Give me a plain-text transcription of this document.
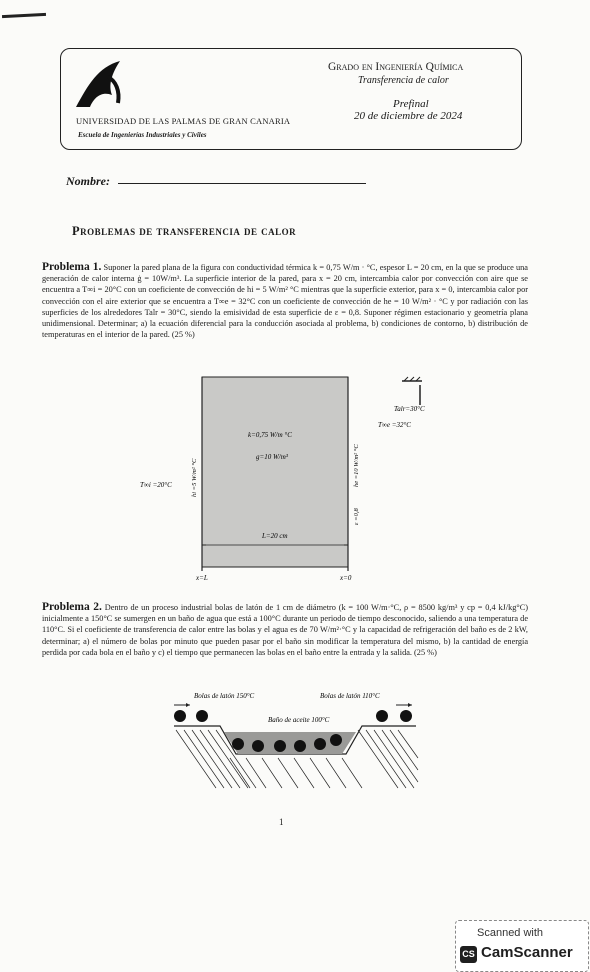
UNIVERSIDAD DE LAS PALMAS DE GRAN CANARIA
Escuela de Ingenierías Industriales y Civiles
Grado en Ingeniería Química
Transferencia de calor
Prefinal
20 de diciembre de 2024
Nombre:
Problemas de transferencia de calor
Problema 1. Suponer la pared plana de la figura con conductividad térmica k = 0,75 W/m · °C, espesor L = 20 cm, en la que se produce una generación de calor interna ġ = 10W/m³. La superficie interior de la pared, para x = 20 cm, intercambia calor por convección con aire que se encuentra a T∞i = 20°C con un coeficiente de convección de hi = 5 W/m² °C mientras que la superficie exterior, para x = 0, intercambia calor por convección con el aire exterior que se encuentra a T∞e = 32°C con un coeficiente de convección de he = 10 W/m² · °C y por radiación con las superficies de los alrededores Talr = 30°C, siendo la emisividad de esta superficie de ε = 0,8. Suponer régimen estacionario y geometría plana unidimensional. Determinar; a) la ecuación diferencial para la conducción asociada al problema, b) condiciones de contorno, b) distribución de temperaturas en el interior de la pared. (25 %)
Talr=30°C
T∞e =32°C
T∞i =20°C
k=0,75 W/m °C
g=10 W/m³
L=20 cm
x=L	x=0
hi =5 W/m² °C	he =10 W/m² °C
ε =0,8
Problema 2. Dentro de un proceso industrial bolas de latón de 1 cm de diámetro (k = 100 W/m·°C, ρ = 8500 kg/m³ y cp = 0,4 kJ/kg°C) inicialmente a 150°C se sumergen en un baño de agua que está a 100°C durante un periodo de tiempo desconocido, saliendo a una temperatura de 110°C. Si el coeficiente de transferencia de calor entre las bolas y el agua es de 70 W/m²·°C y la capacidad de refrigeración del baño es de 2 kW, determinar; a) el número de bolas por minuto que pueden pasar por el baño sin modificar la temperatura del mismo, b) la cantidad de energía perdida por cada bola en el baño y c) el tiempo que permanecen las bolas en el baño entre la entrada y la salida. (25 %)
Bolas de latón 150°C	Bolas de latón 110°C
Baño de aceite 100°C
1
Scanned with
CS CamScanner
